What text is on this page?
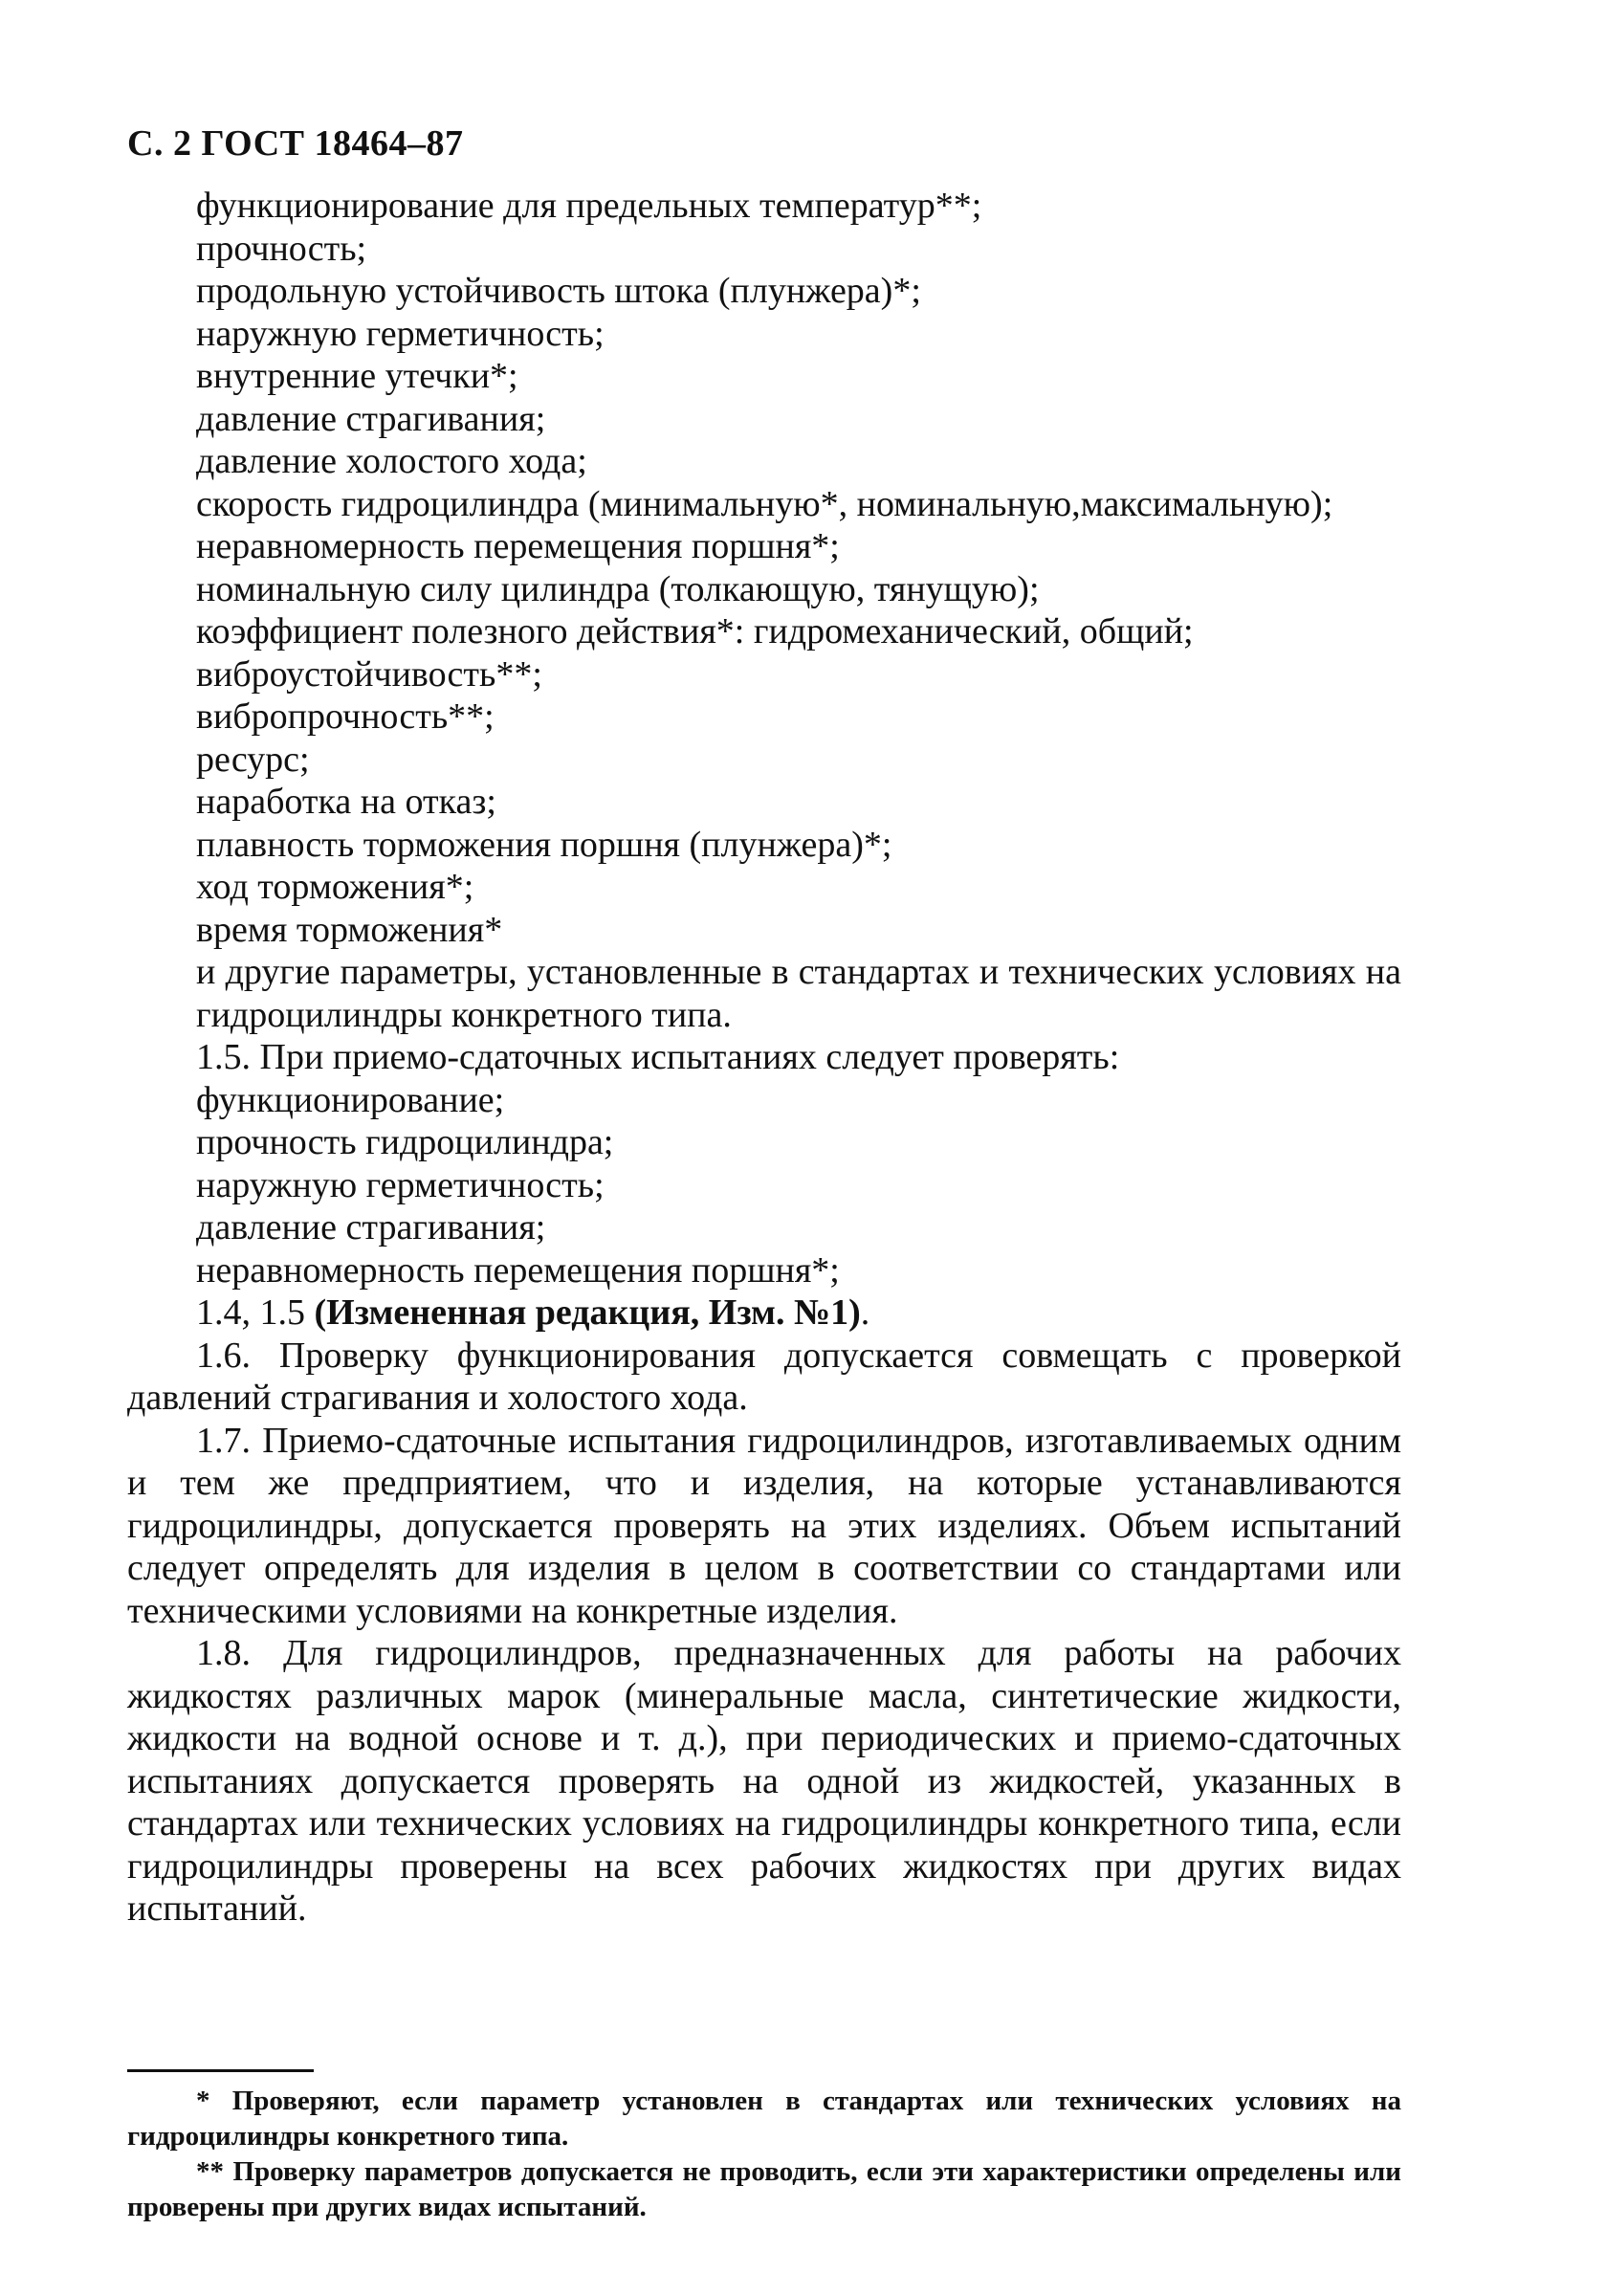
С. 2 ГОСТ 18464–87

функционирование для предельных температур**;

прочность;

продольную устойчивость штока (плунжера)*;

наружную герметичность;

внутренние утечки*;

давление страгивания;

давление холостого хода;

скорость гидроцилиндра (минимальную*, номинальную,максимальную);

неравномерность перемещения поршня*;

номинальную силу цилиндра (толкающую, тянущую);

коэффициент полезного действия*: гидромеханический, общий;

виброустойчивость**;

вибропрочность**;

ресурс;

наработка на отказ;

плавность торможения поршня (плунжера)*;

ход торможения*;

время торможения*

и другие параметры, установленные в стандартах и технических условиях на гидроцилиндры конкретного типа.

1.5. При приемо-сдаточных испытаниях следует проверять:

функционирование;

прочность гидроцилиндра;

наружную герметичность;

давление страгивания;

неравномерность перемещения поршня*;

1.4, 1.5 (Измененная редакция, Изм. №1).

1.6. Проверку функционирования допускается совмещать с проверкой давлений страгивания и холостого хода.

1.7. Приемо-сдаточные испытания гидроцилиндров, изготавливаемых одним и тем же предприятием, что и изделия, на которые устанавливаются гидроцилиндры, допускается проверять на этих изделиях. Объем испытаний следует определять для изделия в целом в соответствии со стандартами или техническими условиями на конкретные изделия.

1.8. Для гидроцилиндров, предназначенных для работы на рабочих жидкостях различных марок (минеральные масла, синтетические жидкости, жидкости на водной основе и т. д.), при периодических и приемо-сдаточных испытаниях допускается проверять на одной из жидкостей, указанных в стандартах или технических условиях на гидроцилиндры конкретного типа, если гидроцилиндры проверены на всех рабочих жидкостях при других видах испытаний.

* Проверяют, если параметр установлен в стандартах или технических условиях на гидроцилиндры конкретного типа.

** Проверку параметров допускается не проводить, если эти характеристики определены или проверены при других видах испытаний.
